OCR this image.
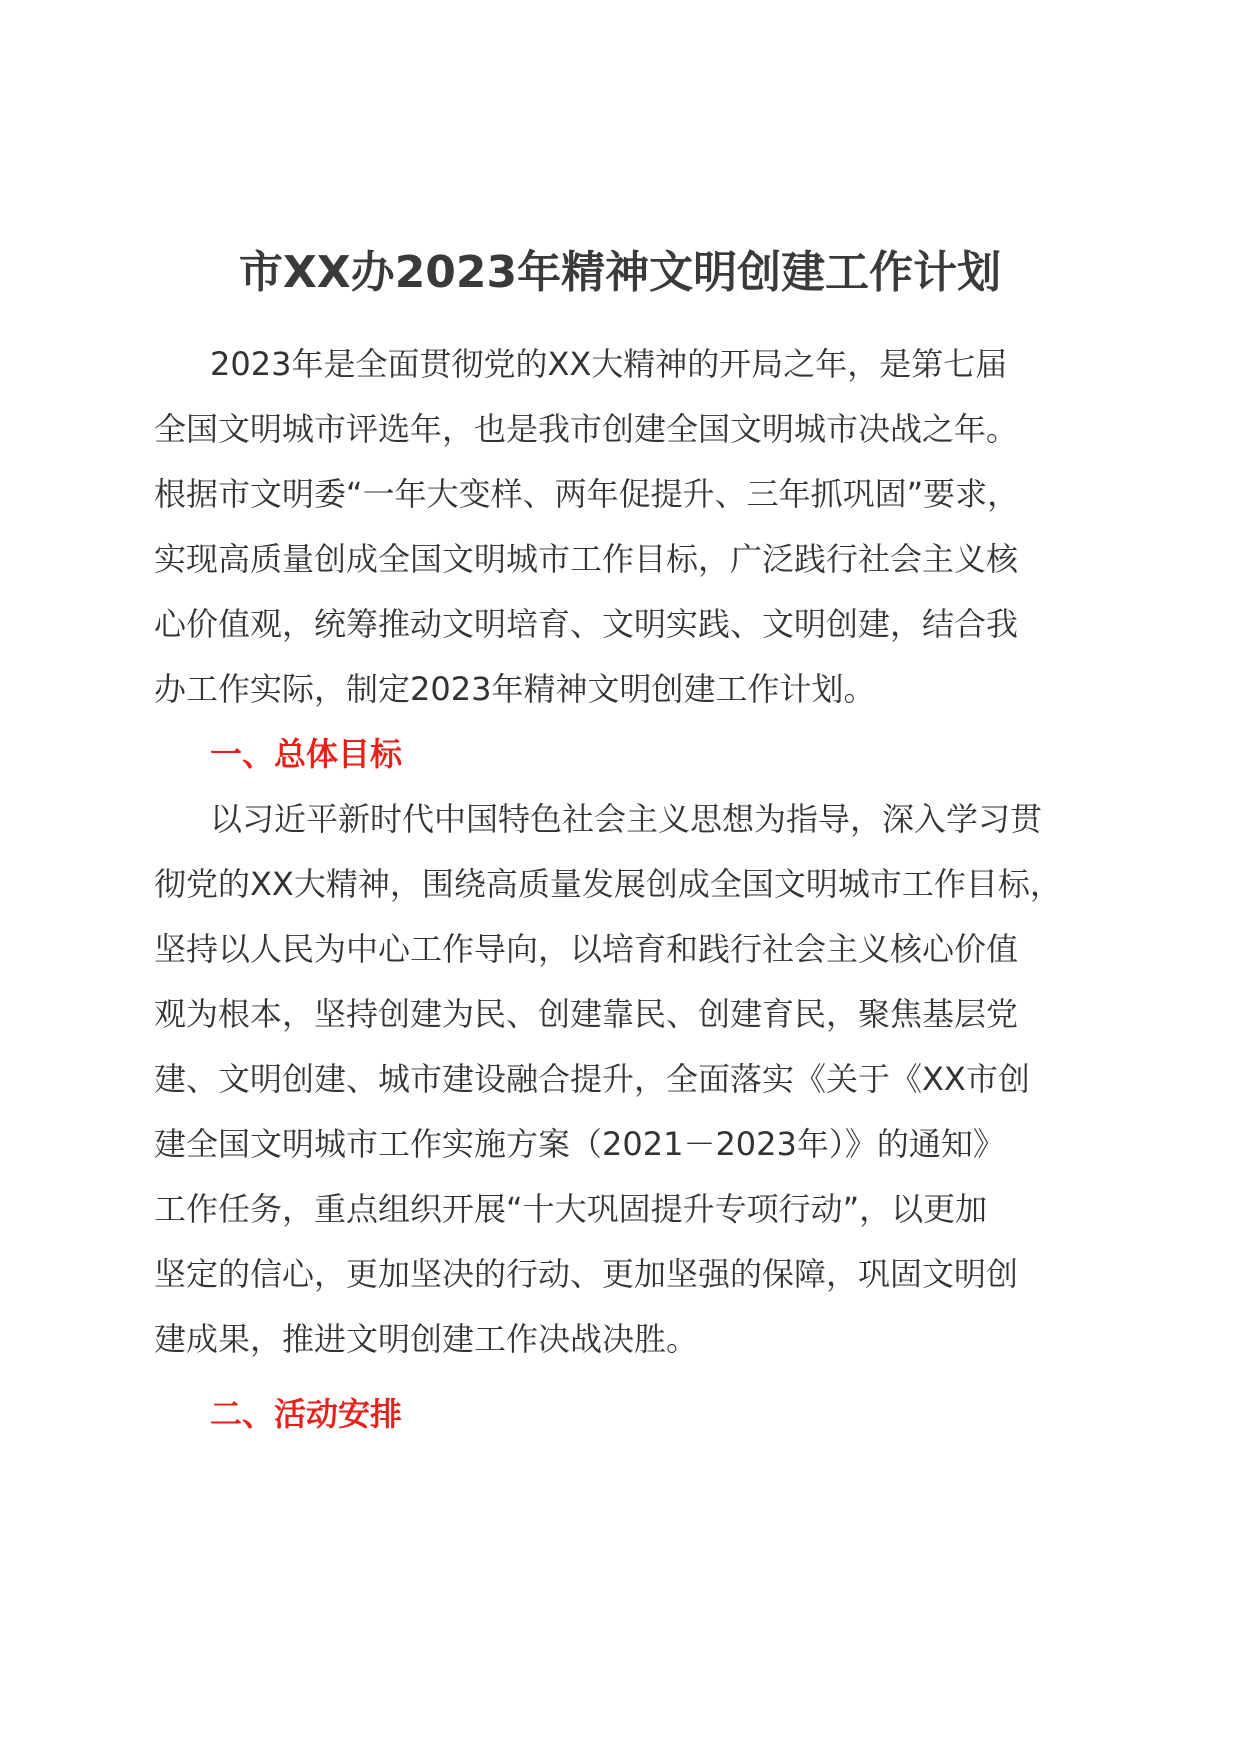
市XX办2023年精神文明创建工作计划
2023年是全面贯彻党的XX大精神的开局之年，是第七届
全国文明城市评选年，也是我市创建全国文明城市决战之年。
根据市文明委“一年大变样、两年促提升、三年抓巩固”要求，
实现高质量创成全国文明城市工作目标，广泛践行社会主义核
心价值观，统筹推动文明培育、文明实践、文明创建，结合我
办工作实际，制定2023年精神文明创建工作计划。
一、总体目标
以习近平新时代中国特色社会主义思想为指导，深入学习贯
彻党的XX大精神，围绕高质量发展创成全国文明城市工作目标，
坚持以人民为中心工作导向，以培育和践行社会主义核心价值
观为根本，坚持创建为民、创建靠民、创建育民，聚焦基层党
建、文明创建、城市建设融合提升，全面落实《关于《XX市创
建全国文明城市工作实施方案（2021－2023年）》的通知》
工作任务，重点组织开展“十大巩固提升专项行动”，以更加
坚定的信心，更加坚决的行动、更加坚强的保障，巩固文明创
建成果，推进文明创建工作决战决胜。
二、活动安排
